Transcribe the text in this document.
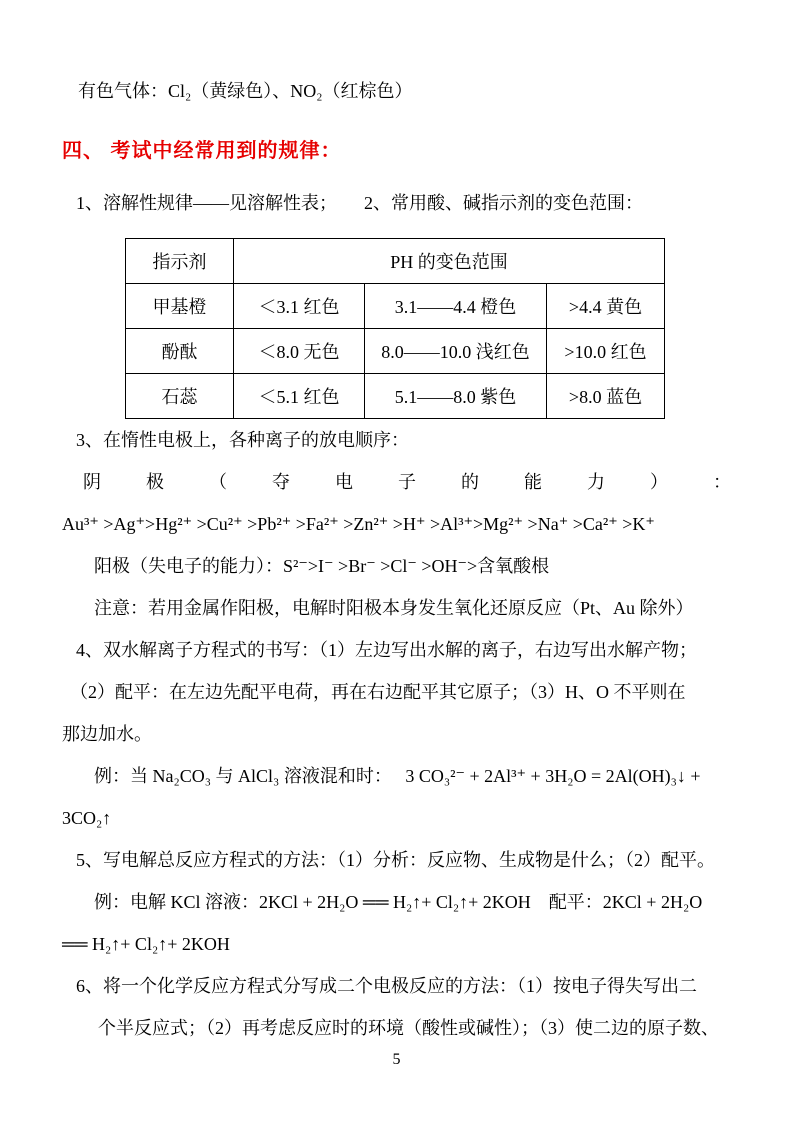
有色气体：Cl₂（黄绿色）、NO₂（红棕色）
四、 考试中经常用到的规律：
1、溶解性规律——见溶解性表；　　2、常用酸、碱指示剂的变色范围：
指示剂	PH 的变色范围		
甲基橙	＜3.1 红色	3.1——4.4 橙色	>4.4 黄色
酚酞	＜8.0 无色	8.0——10.0 浅红色	>10.0 红色
石蕊	＜5.1 红色	5.1——8.0 紫色	>8.0 蓝色
3、在惰性电极上，各种离子的放电顺序：
阴	极	（	夺	电	子	的	能	力	）	：
Au³⁺ >Ag⁺>Hg²⁺ >Cu²⁺ >Pb²⁺ >Fa²⁺ >Zn²⁺ >H⁺ >Al³⁺>Mg²⁺ >Na⁺ >Ca²⁺ >K⁺
阳极（失电子的能力）：S²⁻>I⁻ >Br⁻ >Cl⁻ >OH⁻>含氧酸根
注意：若用金属作阳极，电解时阳极本身发生氧化还原反应（Pt、Au 除外）
4、双水解离子方程式的书写：（1）左边写出水解的离子，右边写出水解产物；
（2）配平：在左边先配平电荷，再在右边配平其它原子；（3）H、O 不平则在
那边加水。
例：当 Na₂CO₃ 与 AlCl₃ 溶液混和时：　 3 CO₃²⁻ + 2Al³⁺ + 3H₂O = 2Al(OH)₃↓ +
3CO₂↑
5、写电解总反应方程式的方法：（1）分析：反应物、生成物是什么；（2）配平。
例：电解 KCl 溶液：2KCl + 2H₂O ══ H₂↑+ Cl₂↑+ 2KOH　配平：2KCl + 2H₂O
══ H₂↑+ Cl₂↑+ 2KOH
6、将一个化学反应方程式分写成二个电极反应的方法：（1）按电子得失写出二
个半反应式；（2）再考虑反应时的环境（酸性或碱性）；（3）使二边的原子数、
5
